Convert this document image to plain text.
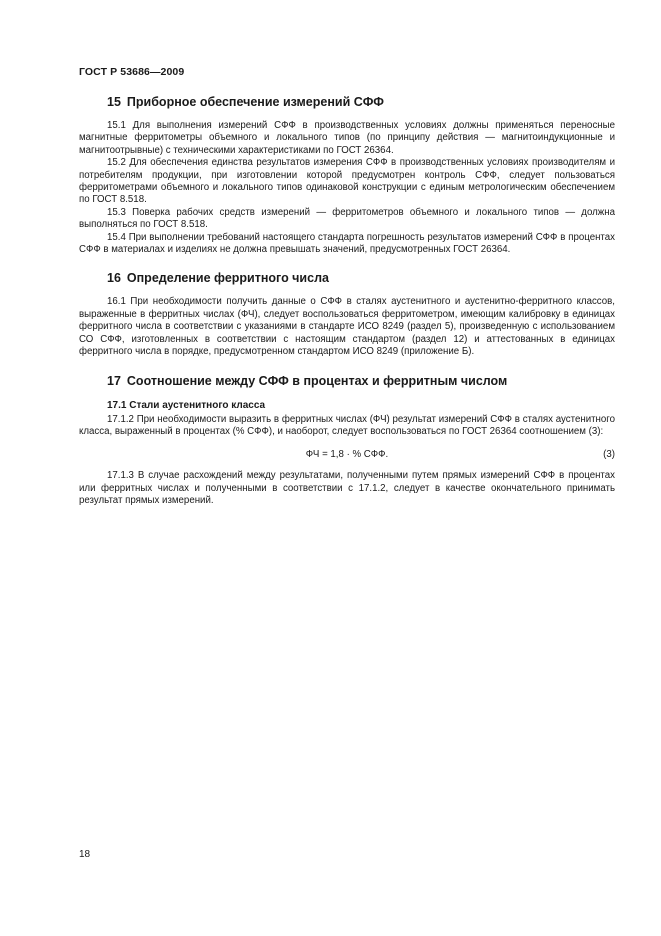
ГОСТ Р 53686—2009
15 Приборное обеспечение измерений СФФ

15.1 Для выполнения измерений СФФ в производственных условиях должны применяться переносные магнитные ферритометры объемного и локального типов (по принципу действия — магнитоиндукционные и магнитоотрывные) с техническими характеристиками по ГОСТ 26364.

15.2 Для обеспечения единства результатов измерения СФФ в производственных условиях производителям и потребителям продукции, при изготовлении которой предусмотрен контроль СФФ, следует пользоваться ферритометрами объемного и локального типов одинаковой конструкции с единым метрологическим обеспечением по ГОСТ 8.518.

15.3 Поверка рабочих средств измерений — ферритометров объемного и локального типов — должна выполняться по ГОСТ 8.518.

15.4 При выполнении требований настоящего стандарта погрешность результатов измерений СФФ в процентах СФФ в материалах и изделиях не должна превышать значений, предусмотренных ГОСТ 26364.

16 Определение ферритного числа

16.1 При необходимости получить данные о СФФ в сталях аустенитного и аустенитно-ферритного классов, выраженные в ферритных числах (ФЧ), следует воспользоваться ферритометром, имеющим калибровку в единицах ферритного числа в соответствии с указаниями в стандарте ИСО 8249 (раздел 5), произведенную с использованием СО СФФ, изготовленных в соответствии с настоящим стандартом (раздел 12) и аттестованных в единицах ферритного числа в порядке, предусмотренном стандартом ИСО 8249 (приложение Б).

17 Соотношение между СФФ в процентах и ферритным числом
17.1 Стали аустенитного класса

17.1.2 При необходимости выразить в ферритных числах (ФЧ) результат измерений СФФ в сталях аустенитного класса, выраженный в процентах (% СФФ), и наоборот, следует воспользоваться по ГОСТ 26364 соотношением (3):

ФЧ = 1,8 · % СФФ.	(3)

17.1.3 В случае расхождений между результатами, полученными путем прямых измерений СФФ в процентах или ферритных числах и полученными в соответствии с 17.1.2, следует в качестве окончательного принимать результат прямых измерений.

18
